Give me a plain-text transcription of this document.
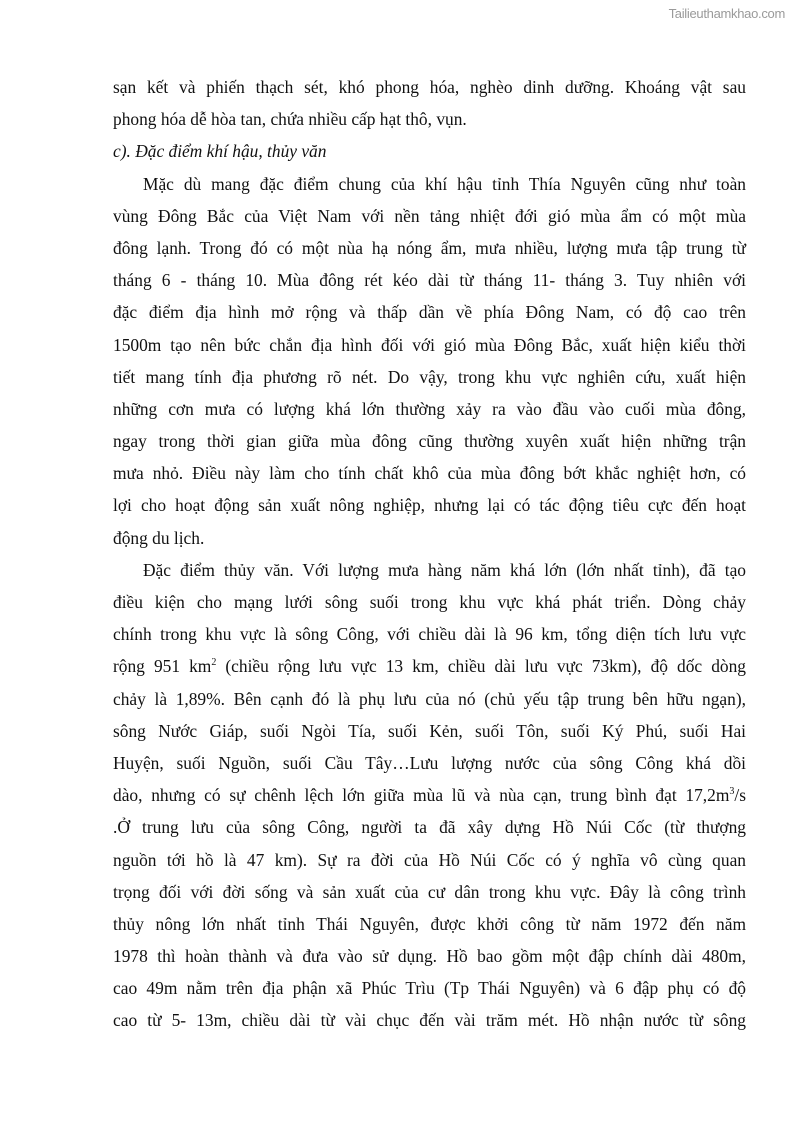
Tailieuthamkhao.com
sạn kết và phiến thạch sét, khó phong hóa, nghèo dinh dưỡng. Khoáng vật sau
phong hóa dễ hòa tan, chứa nhiều cấp hạt thô, vụn.
c). Đặc điểm khí hậu, thủy văn
Mặc dù mang đặc điểm chung của khí hậu tỉnh Thía Nguyên cũng như toàn
vùng Đông Bắc của Việt Nam với nền tảng nhiệt đới gió mùa ẩm có một mùa
đông lạnh. Trong đó có một nùa hạ nóng ẩm, mưa nhiều, lượng mưa tập trung từ
tháng 6 - tháng 10. Mùa đông rét kéo dài từ tháng 11- tháng 3. Tuy nhiên với
đặc điểm địa hình mở rộng và thấp dần về phía Đông Nam, có độ cao trên
1500m tạo nên bức chắn địa hình đối với gió mùa Đông Bắc, xuất hiện kiểu thời
tiết mang tính địa phương rõ nét. Do vậy, trong khu vực nghiên cứu, xuất hiện
những cơn mưa có lượng khá lớn thường xảy ra vào đầu vào cuối mùa đông,
ngay trong thời gian giữa mùa đông cũng thường xuyên xuất hiện những trận
mưa nhỏ. Điều này làm cho tính chất khô của mùa đông bớt khắc nghiệt hơn, có
lợi cho hoạt động sản xuất nông nghiệp, nhưng lại có tác động tiêu cực đến hoạt
động du lịch.
Đặc điểm thủy văn. Với lượng mưa hàng năm khá lớn (lớn nhất tỉnh), đã tạo
điều kiện cho mạng lưới sông suối trong khu vực khá phát triển. Dòng chảy
chính trong khu vực là sông Công, với chiều dài là 96 km, tổng diện tích lưu vực
rộng 951 $km^2$ (chiều rộng lưu vực 13 km, chiều dài lưu vực 73km), độ dốc dòng
chảy là 1,89%. Bên cạnh đó là phụ lưu của nó (chủ yếu tập trung bên hữu ngạn),
sông Nước Giáp, suối Ngòi Tía, suối Kẻn, suối Tôn, suối Ký Phú, suối Hai
Huyện, suối Nguồn, suối Cầu Tây…Lưu lượng nước của sông Công khá dồi
dào, nhưng có sự chênh lệch lớn giữa mùa lũ và nùa cạn, trung bình đạt $17,2m^3/s$
.Ở trung lưu của sông Công, người ta đã xây dựng Hồ Núi Cốc (từ thượng
nguồn tới hồ là 47 km). Sự ra đời của Hồ Núi Cốc có ý nghĩa vô cùng quan
trọng đối với đời sống và sản xuất của cư dân trong khu vực. Đây là công trình
thủy nông lớn nhất tỉnh Thái Nguyên, được khởi công từ năm 1972 đến năm
1978 thì hoàn thành và đưa vào sử dụng. Hồ bao gồm một đập chính dài 480m,
cao 49m nằm trên địa phận xã Phúc Trìu (Tp Thái Nguyên) và 6 đập phụ có độ
cao từ 5- 13m, chiều dài từ vài chục đến vài trăm mét. Hồ nhận nước từ sông
